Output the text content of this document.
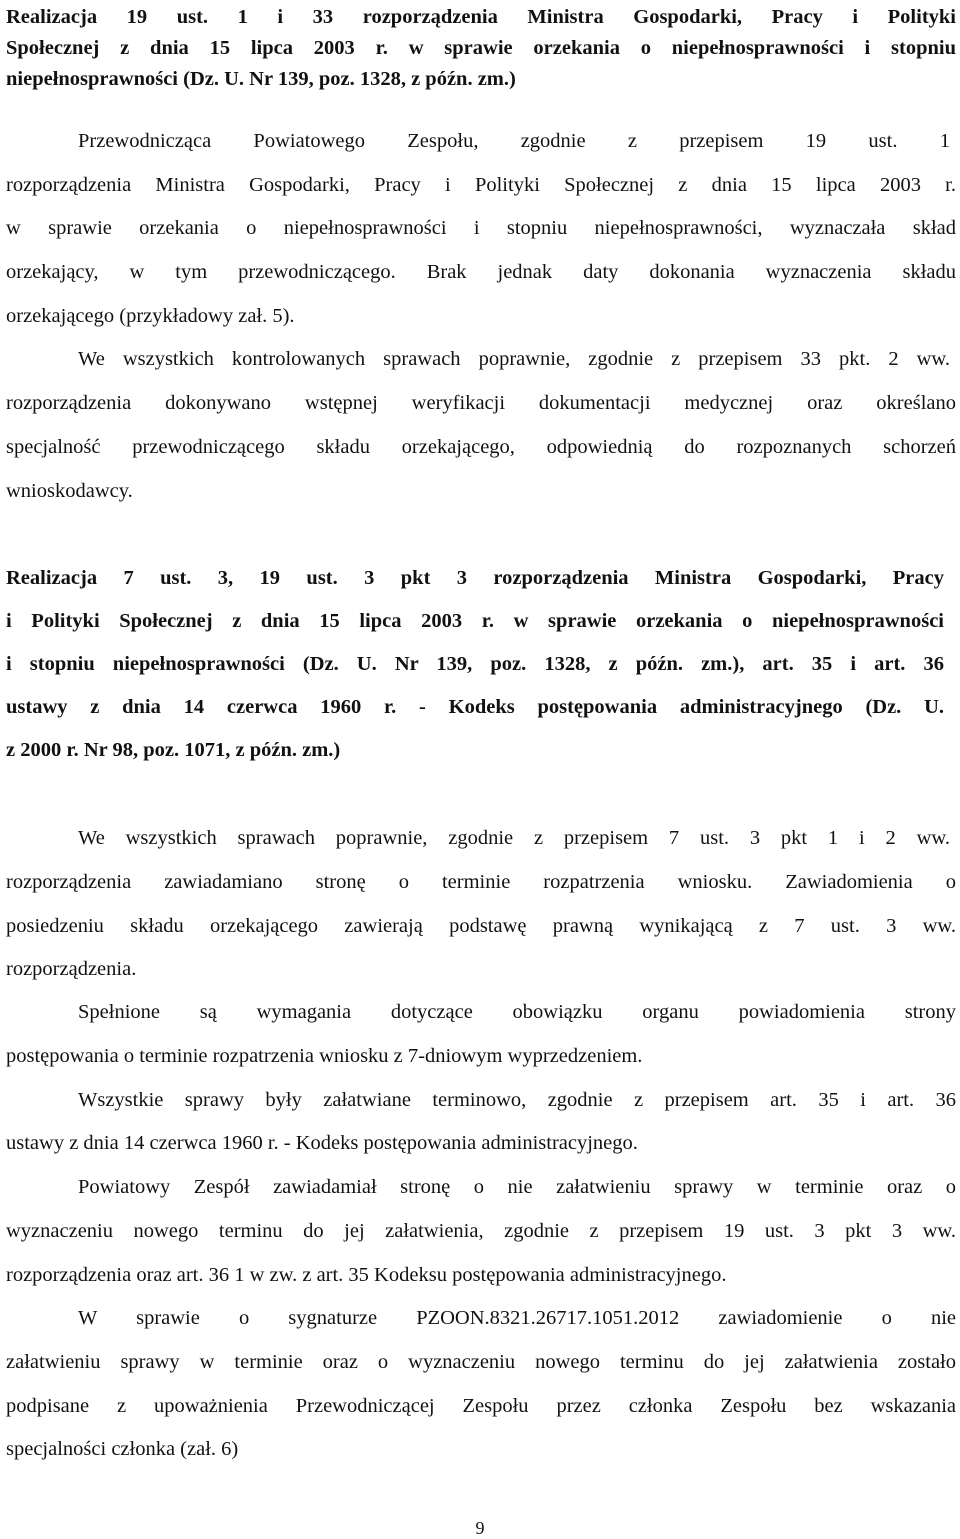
Realizacja 19 ust. 1 i 33 rozporządzenia Ministra Gospodarki, Pracy i Polityki
Społecznej z dnia 15 lipca 2003 r. w sprawie orzekania o niepełnosprawności i stopniu
niepełnosprawności (Dz. U. Nr 139, poz. 1328, z późn. zm.)
Przewodnicząca Powiatowego Zespołu, zgodnie z przepisem 19 ust. 1
rozporządzenia Ministra Gospodarki, Pracy i Polityki Społecznej z dnia 15 lipca 2003 r.
w sprawie orzekania o niepełnosprawności i stopniu niepełnosprawności, wyznaczała skład
orzekający, w tym przewodniczącego. Brak jednak daty dokonania wyznaczenia składu
orzekającego (przykładowy zał. 5).
We wszystkich kontrolowanych sprawach poprawnie, zgodnie z przepisem 33 pkt. 2 ww.
rozporządzenia dokonywano wstępnej weryfikacji dokumentacji medycznej oraz określano
specjalność przewodniczącego składu orzekającego, odpowiednią do rozpoznanych schorzeń
wnioskodawcy.
Realizacja 7 ust. 3, 19 ust. 3 pkt 3 rozporządzenia Ministra Gospodarki, Pracy
i Polityki Społecznej z dnia 15 lipca 2003 r. w sprawie orzekania o niepełnosprawności
i stopniu niepełnosprawności (Dz. U. Nr 139, poz. 1328, z późn. zm.), art. 35 i art. 36
ustawy z dnia 14 czerwca 1960 r. - Kodeks postępowania administracyjnego (Dz. U.
z 2000 r. Nr 98, poz. 1071, z późn. zm.)
We wszystkich sprawach poprawnie, zgodnie z przepisem 7 ust. 3 pkt 1 i 2 ww.
rozporządzenia zawiadamiano stronę o terminie rozpatrzenia wniosku. Zawiadomienia o
posiedzeniu składu orzekającego zawierają podstawę prawną wynikającą z 7 ust. 3 ww.
rozporządzenia.
Spełnione są wymagania dotyczące obowiązku organu powiadomienia strony
postępowania o terminie rozpatrzenia wniosku z 7-dniowym wyprzedzeniem.
Wszystkie sprawy były załatwiane terminowo, zgodnie z przepisem art. 35 i art. 36
ustawy z dnia 14 czerwca 1960 r. - Kodeks postępowania administracyjnego.
Powiatowy Zespół zawiadamiał stronę o nie załatwieniu sprawy w terminie oraz o
wyznaczeniu nowego terminu do jej załatwienia, zgodnie z przepisem 19 ust. 3 pkt 3 ww.
rozporządzenia oraz art. 36 1 w zw. z art. 35 Kodeksu postępowania administracyjnego.
W sprawie o sygnaturze PZOON.8321.26717.1051.2012 zawiadomienie o nie
załatwieniu sprawy w terminie oraz o wyznaczeniu nowego terminu do jej załatwienia zostało
podpisane z upoważnienia Przewodniczącej Zespołu przez członka Zespołu bez wskazania
specjalności członka (zał. 6)
9
